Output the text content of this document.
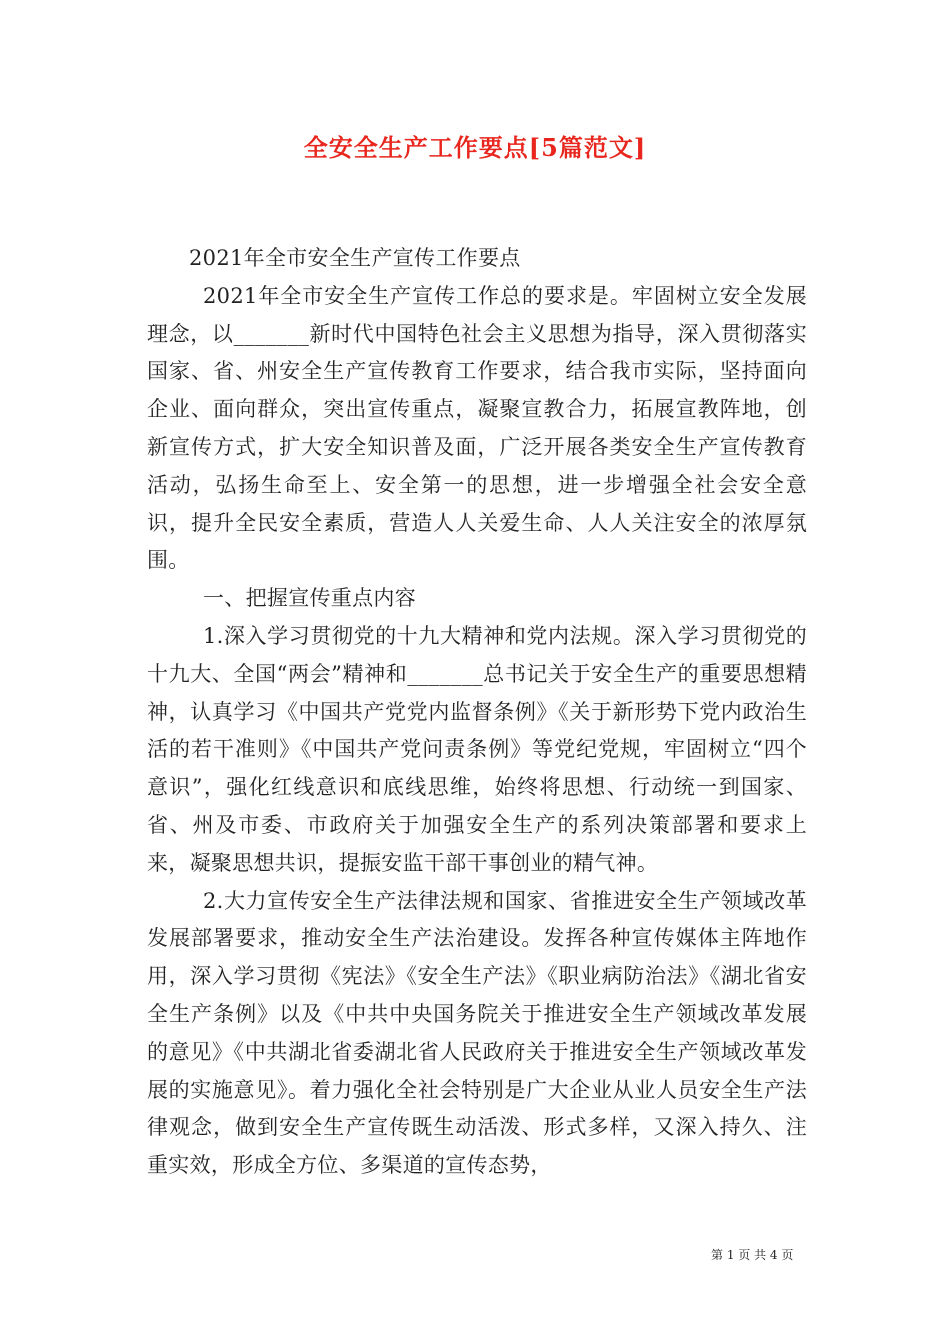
全安全生产工作要点[5篇范文]

2021年全市安全生产宣传工作要点

2021年全市安全生产宣传工作总的要求是。牢固树立安全发展理念，以_______新时代中国特色社会主义思想为指导，深入贯彻落实国家、省、州安全生产宣传教育工作要求，结合我市实际，坚持面向企业、面向群众，突出宣传重点，凝聚宣教合力，拓展宣教阵地，创新宣传方式，扩大安全知识普及面，广泛开展各类安全生产宣传教育活动，弘扬生命至上、安全第一的思想，进一步增强全社会安全意识，提升全民安全素质，营造人人关爱生命、人人关注安全的浓厚氛围。

一、把握宣传重点内容

1.深入学习贯彻党的十九大精神和党内法规。深入学习贯彻党的十九大、全国“两会”精神和_______总书记关于安全生产的重要思想精神，认真学习《中国共产党党内监督条例》《关于新形势下党内政治生活的若干准则》《中国共产党问责条例》等党纪党规，牢固树立“四个意识”，强化红线意识和底线思维，始终将思想、行动统一到国家、省、州及市委、市政府关于加强安全生产的系列决策部署和要求上来，凝聚思想共识，提振安监干部干事创业的精气神。

2.大力宣传安全生产法律法规和国家、省推进安全生产领域改革发展部署要求，推动安全生产法治建设。发挥各种宣传媒体主阵地作用，深入学习贯彻《宪法》《安全生产法》《职业病防治法》《湖北省安全生产条例》以及《中共中央国务院关于推进安全生产领域改革发展的意见》《中共湖北省委湖北省人民政府关于推进安全生产领域改革发展的实施意见》。着力强化全社会特别是广大企业从业人员安全生产法律观念，做到安全生产宣传既生动活泼、形式多样，又深入持久、注重实效，形成全方位、多渠道的宣传态势，

第 1 页 共 4 页
